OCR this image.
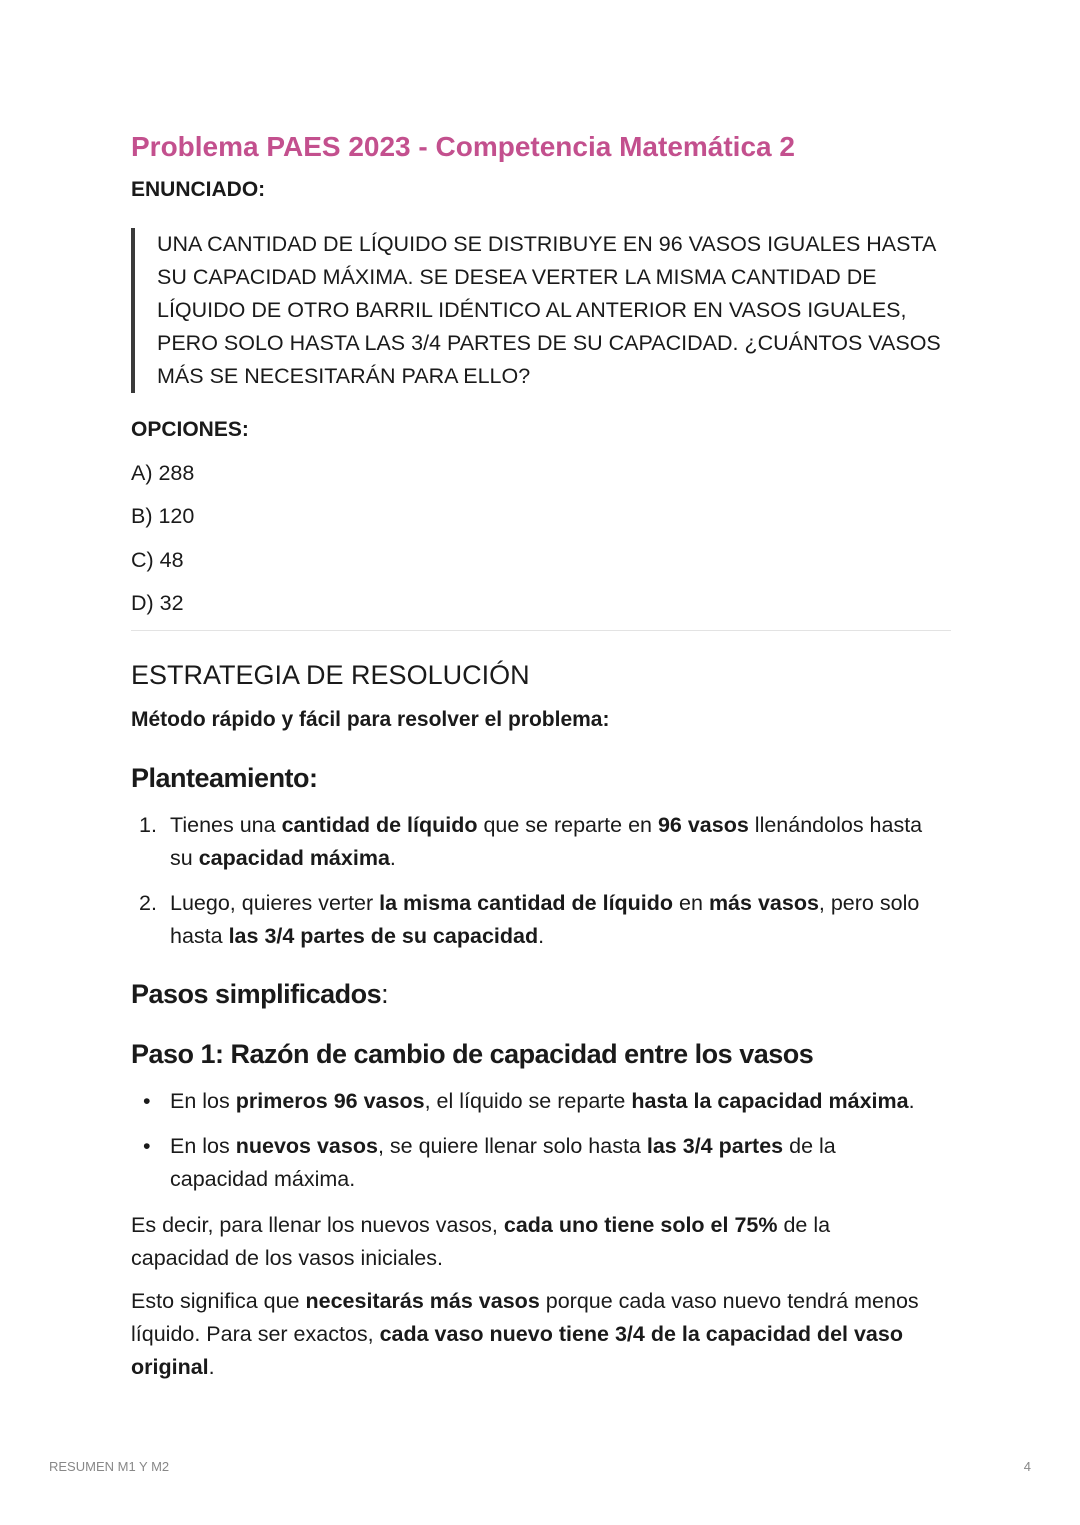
Problema PAES 2023 - Competencia Matemática 2
ENUNCIADO:
UNA CANTIDAD DE LÍQUIDO SE DISTRIBUYE EN 96 VASOS IGUALES HASTA
SU CAPACIDAD MÁXIMA. SE DESEA VERTER LA MISMA CANTIDAD DE
LÍQUIDO DE OTRO BARRIL IDÉNTICO AL ANTERIOR EN VASOS IGUALES,
PERO SOLO HASTA LAS 3/4 PARTES DE SU CAPACIDAD. ¿CUÁNTOS VASOS
MÁS SE NECESITARÁN PARA ELLO?
OPCIONES:
A) 288
B) 120
C) 48
D) 32
ESTRATEGIA DE RESOLUCIÓN
Método rápido y fácil para resolver el problema:
Planteamiento:
1. Tienes una cantidad de líquido que se reparte en 96 vasos llenándolos hasta su capacidad máxima.
2. Luego, quieres verter la misma cantidad de líquido en más vasos, pero solo hasta las 3/4 partes de su capacidad.
Pasos simplificados:
Paso 1: Razón de cambio de capacidad entre los vasos
• En los primeros 96 vasos, el líquido se reparte hasta la capacidad máxima.
• En los nuevos vasos, se quiere llenar solo hasta las 3/4 partes de la capacidad máxima.
Es decir, para llenar los nuevos vasos, cada uno tiene solo el 75% de la capacidad de los vasos iniciales.
Esto significa que necesitarás más vasos porque cada vaso nuevo tendrá menos líquido. Para ser exactos, cada vaso nuevo tiene 3/4 de la capacidad del vaso original.
RESUMEN M1 Y M2	4
